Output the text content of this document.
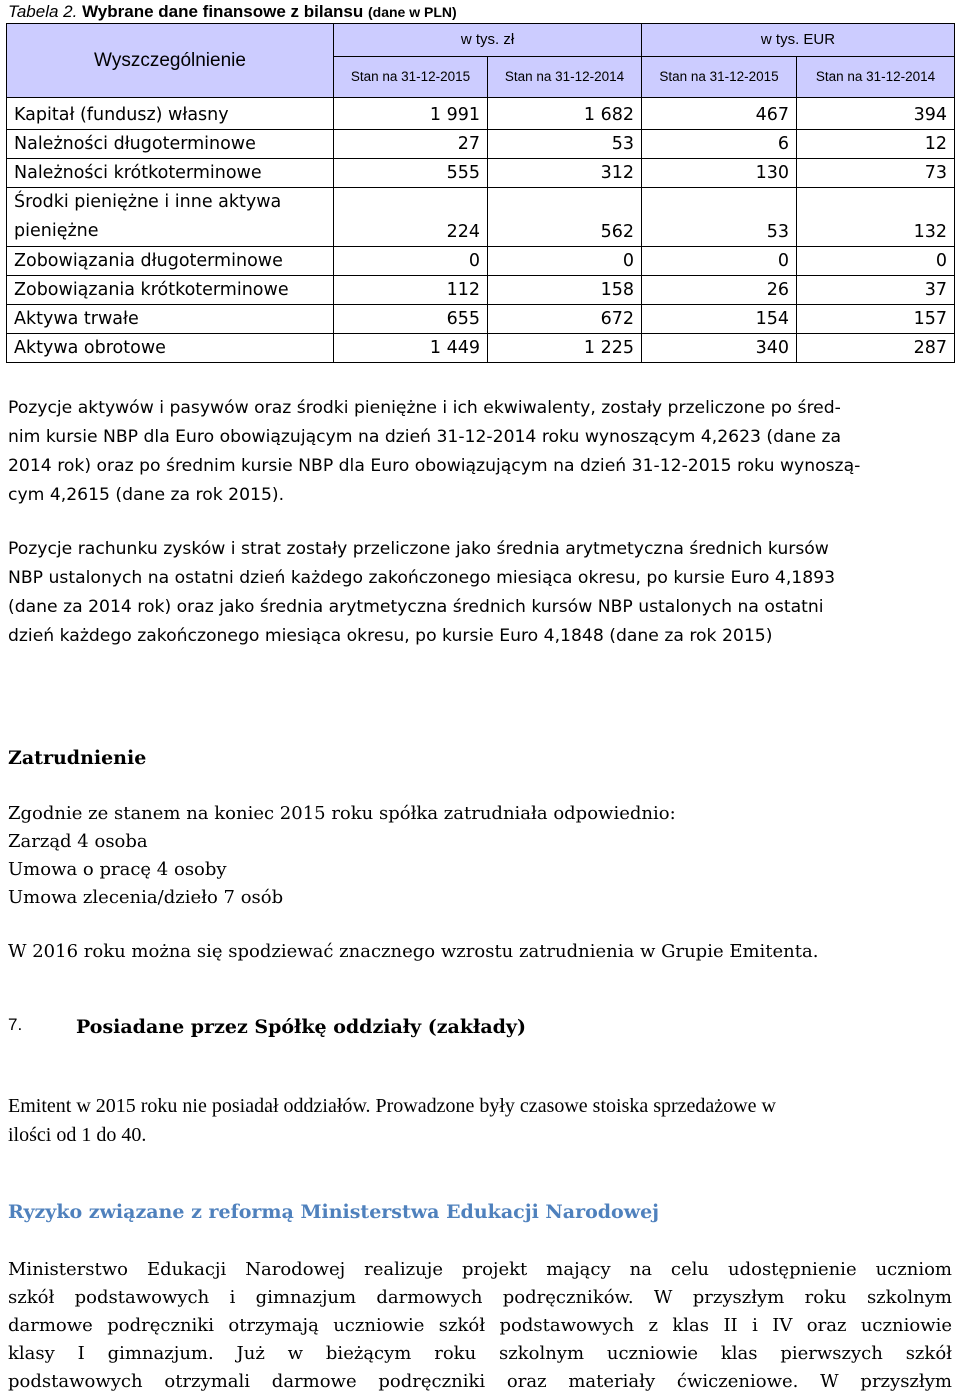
Tabela 2. Wybrane dane finansowe z bilansu (dane w PLN)
Wyszczególnienie	w tys. zł		w tys. EUR	
	Stan na 31-12-2015	Stan na 31-12-2014	Stan na 31-12-2015	Stan na 31-12-2014
Kapitał (fundusz) własny	1 991	1 682	467	394
Należności długoterminowe	27	53	6	12
Należności krótkoterminowe	555	312	130	73
Środki pieniężne i inne aktywa pieniężne	224	562	53	132
Zobowiązania długoterminowe	0	0	0	0
Zobowiązania krótkoterminowe	112	158	26	37
Aktywa trwałe	655	672	154	157
Aktywa obrotowe	1 449	1 225	340	287
Pozycje aktywów i pasywów oraz środki pieniężne i ich ekwiwalenty, zostały przeliczone po śred-
nim kursie NBP dla Euro obowiązującym na dzień 31-12-2014 roku wynoszącym 4,2623 (dane za
2014 rok) oraz po średnim kursie NBP dla Euro obowiązującym na dzień 31-12-2015 roku wynoszą-
cym 4,2615 (dane za rok 2015).
Pozycje rachunku zysków i strat zostały przeliczone jako średnia arytmetyczna średnich kursów
NBP ustalonych na ostatni dzień każdego zakończonego miesiąca okresu, po kursie Euro 4,1893
(dane za 2014 rok) oraz jako średnia arytmetyczna średnich kursów NBP ustalonych na ostatni
dzień każdego zakończonego miesiąca okresu, po kursie Euro 4,1848 (dane za rok 2015)
Zatrudnienie
Zgodnie ze stanem na koniec 2015 roku spółka zatrudniała odpowiednio:
Zarząd 4 osoba
Umowa o pracę 4 osoby
Umowa zlecenia/dzieło 7 osób
W 2016 roku można się spodziewać znacznego wzrostu zatrudnienia w Grupie Emitenta.
7.	Posiadane przez Spółkę oddziały (zakłady)
Emitent w 2015 roku nie posiadał oddziałów. Prowadzone były czasowe stoiska sprzedażowe w
ilości od 1 do 40.
Ryzyko związane z reformą Ministerstwa Edukacji Narodowej
Ministerstwo Edukacji Narodowej realizuje projekt mający na celu udostępnienie uczniom
szkół podstawowych i gimnazjum darmowych podręczników. W przyszłym roku szkolnym
darmowe podręczniki otrzymają uczniowie szkół podstawowych z klas II i IV oraz uczniowie
klasy I gimnazjum. Już w bieżącym roku szkolnym uczniowie klas pierwszych szkół
podstawowych otrzymali darmowe podręczniki oraz materiały ćwiczeniowe. W przyszłym
